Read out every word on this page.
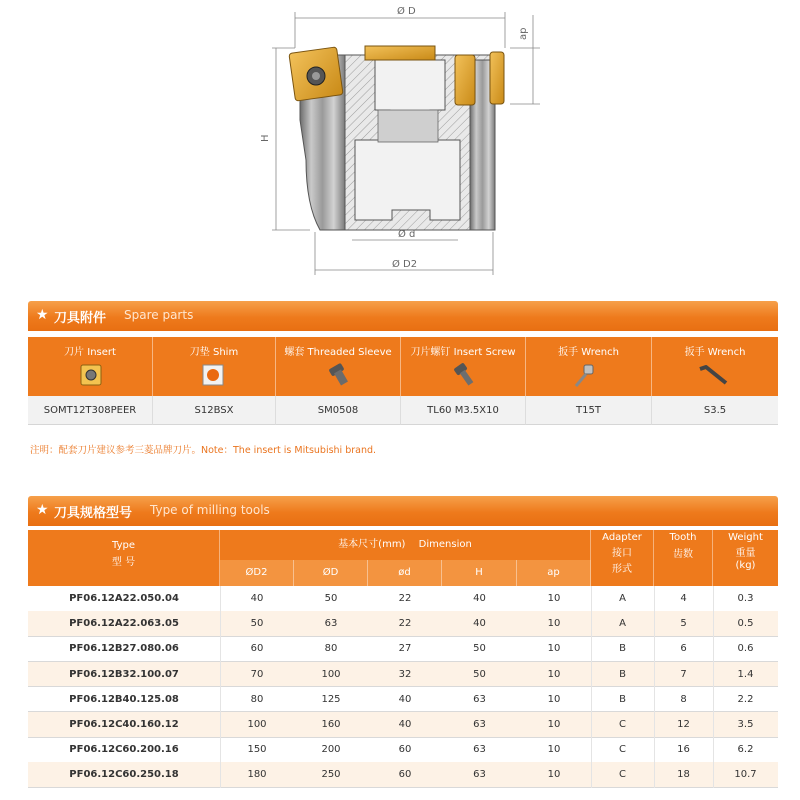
Ø D
ap
H
Ø d
Ø D2
★ 刀具附件 Spare parts
刀片 Insert	刀垫 Shim	螺套 Threaded Sleeve	刀片螺钉 Insert Screw	扳手 Wrench	扳手 Wrench
SOMT12T308PEER	S12BSX	SM0508	TL60 M3.5X10	T15T	S3.5
注明：配套刀片建议参考三菱品牌刀片。Note：The insert is Mitsubishi brand.
★ 刀具规格型号 Type of milling tools
Type
型 号
基本尺寸(mm) Dimension
ØD2	ØD	ød	H	ap
Adapter
接口
形式
Tooth
齿数
Weight
重量
(kg)
PF06.12A22.050.04	40	50	22	40	10	A	4	0.3
PF06.12A22.063.05	50	63	22	40	10	A	5	0.5
PF06.12B27.080.06	60	80	27	50	10	B	6	0.6
PF06.12B32.100.07	70	100	32	50	10	B	7	1.4
PF06.12B40.125.08	80	125	40	63	10	B	8	2.2
PF06.12C40.160.12	100	160	40	63	10	C	12	3.5
PF06.12C60.200.16	150	200	60	63	10	C	16	6.2
PF06.12C60.250.18	180	250	60	63	10	C	18	10.7
